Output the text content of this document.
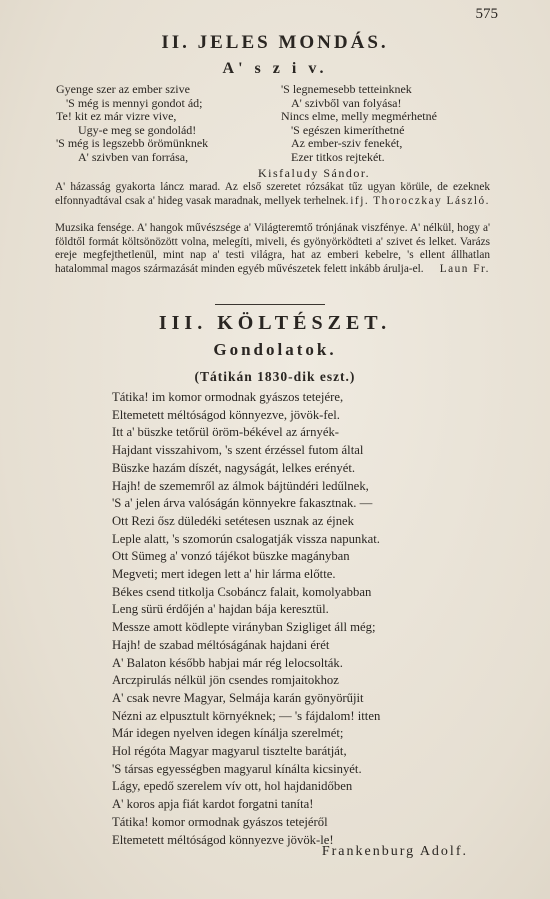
575
II. JELES MONDÁS.
A' s z i v.
Gyenge szer az ember szive
'S még is mennyi gondot ád;
Te! kit ez már vizre vive,
Ugy-e meg se gondolád!
'S még is legszebb örömünknek
A' szivben van forrása,
'S legnemesebb tetteinknek
A' szivből van folyása!
Nincs elme, melly megmérhetné
'S egészen kimeríthetné
Az ember-sziv fenekét,
Ezer titkos rejtekét.
Kisfaludy Sándor.
A' házasság gyakorta láncz marad. Az első szeretet rózsákat tűz ugyan körüle, de ezeknek elfonnyadtával csak a' hideg vasak maradnak, mellyek terhelnek. ifj. Thoroczkay László.
Muzsika fensége. A' hangok művészsége a' Világteremtő trónjának viszfénye. A' nélkül, hogy a' földtől formát költsönözött volna, melegíti, miveli, és gyönyörködteti a' szivet és lelket. Varázs ereje megfejthetlenül, mint nap a' testi világra, hat az emberi kebelre, 's ellent állhatlan hatalommal magos származását minden egyéb művészetek felett inkább árulja-el. Laun Fr.
III. KÖLTÉSZET.
Gondolatok.
(Tátikán 1830-dik eszt.)
Tátika! im komor ormodnak gyászos tetejére,
Eltemetett méltóságod könnyezve, jövök-fel.
Itt a' büszke tetőrül öröm-békével az árnyék-
Hajdant visszahivom, 's szent érzéssel futom által
Büszke hazám díszét, nagyságát, lelkes erényét.
Hajh! de szememről az álmok bájtündéri ledűlnek,
'S a' jelen árva valóságán könnyekre fakasztnak. —
Ott Rezi ősz düledéki setétesen usznak az éjnek
Leple alatt, 's szomorún csalogatják vissza napunkat.
Ott Sümeg a' vonzó tájékot büszke magányban
Megveti; mert idegen lett a' hir lárma előtte.
Békes csend titkolja Csobáncz falait, komolyabban
Leng sürü érdőjén a' hajdan bája keresztül.
Messze amott ködlepte virányban Szigliget áll még;
Hajh! de szabad méltóságának hajdani érét
A' Balaton később habjai már rég lelocsolták.
Arczpirulás nélkül jön csendes romjaitokhoz
A' csak nevre Magyar, Selmája karán gyönyörűjit
Nézni az elpusztult környéknek; — 's fájdalom! itten
Már idegen nyelven idegen kínálja szerelmét;
Hol régóta Magyar magyarul tisztelte barátját,
'S társas egyességben magyarul kínálta kicsinyét.
Lágy, epedő szerelem vív ott, hol hajdanidőben
A' koros apja fiát kardot forgatni taníta!
Tátika! komor ormodnak gyászos tetejéről
Eltemetett méltóságod könnyezve jövök-le!
Frankenburg Adolf.
